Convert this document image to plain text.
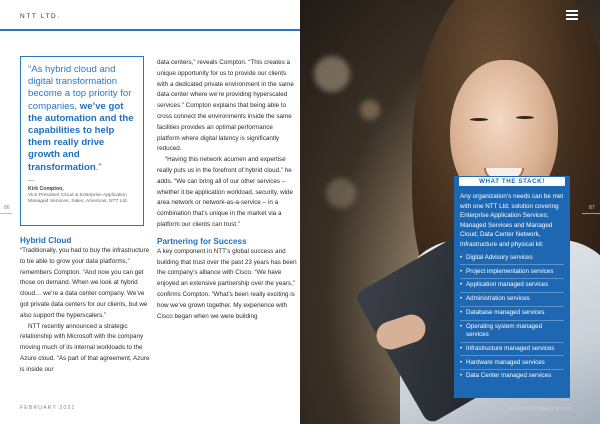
NTT LTD.
“As hybrid cloud and digital transformation become a top priority for companies, we’ve got the automation and the capabilities to help them really drive growth and transformation.”
—
Kirk Compton,
Vice President Cloud & Enterprise Application Managed Services, Sales, Americas, NTT Ltd.
86
Hybrid Cloud

“Traditionally, you had to buy the infrastructure to be able to grow your data platforms,” remembers Compton. “And now you can get those on demand. When we look at hybrid cloud… we’re a data center company. We’ve got private data centers for our clients, but we also support the hyperscalers.”

NTT recently announced a strategic relationship with Microsoft with the company moving much of its internal workloads to the Azure cloud. “As part of that agreement, Azure is inside our

data centers,” reveals Compton. “This creates a unique opportunity for us to provide our clients with a dedicated private environment in the same data center where we’re providing hyperscaled services.” Compton explains that being able to cross connect the environments inside the same facilities provides an optimal performance platform where digital latency is significantly reduced.

“Having this network acumen and expertise really puts us in the forefront of hybrid cloud,” he adds. “We can bring all of our other services – whether it be application workload, security, wide area network or network-as-a-service – in a combination that’s unique in the market via a platform our clients can trust.”

Partnering for Success

A key component in NTT’s global success and building that trust over the past 23 years has been the company’s alliance with Cisco. “We have enjoyed an extensive partnership over the years,” confirms Compton. “What’s been really exciting is how we’ve grown together. My experience with Cisco began when we were building

FEBRUARY 2021
Any organization’s needs can be met with one NTT Ltd. solution covering Enterprise Application Services; Managed Services and Managed Cloud, Data Center Network, Infrastructure and physical kit:
• Digital Advisory services
• Project implementation services
• Application managed services
• Administration services
• Database managed services
• Operating system managed services
• Infrastructure managed services
• Hardware managed services
• Data Center managed services
WHAT THE STACK!
87
datacentremagazine.com
